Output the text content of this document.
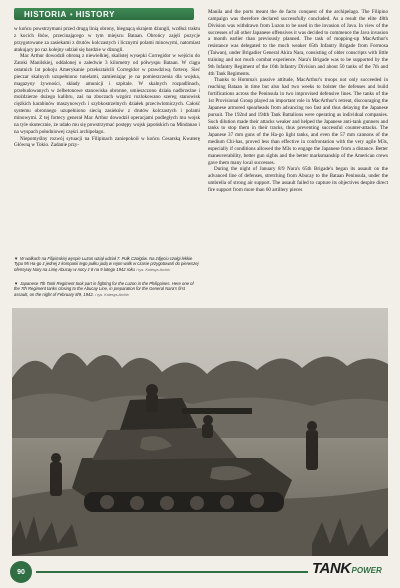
HISTORIA • HISTORY

w końcu powstrzymani przed drugą linią obrony, biegnącą skrajem dżungli, wzdłuż traktu z kocich łbów, przecinającego w tym miejscu Bataan. Obrońcy zajęli pozycje przygotowane za zasiekami z drutów kolczastych i licznymi polami minowymi, natomiast atakujący po raz kolejny udział się bardzie w dżungli.

Mac Arthur dowodził obroną z niewielkiej, skalistej wysepki Corregidor w wejściu do Zatoki Manilskiej, oddalonej o zaledwie 3 kilometry od półwyspu Bataan. W ciągu ostatnich lat pokoju Amerykanie przekształcili Corregidor w prawdziwą fortecę. Sieć pieczar skalnych uzupełniono tunelami, zamieniając je na pomieszczenia dla wojska, magazyny żywności, składy amunicji i szpitale. W skalnych rozpadlinach, przebudowanych w żelbetonowe stanowiska obronne, umieszczono działa nadbrzeżne i moździerze dużego kalibru, zaś na zboczach wzgórz rozlokowano szereg stanowisk ciężkich karabinów maszynowych i szybkostrzelnych działek przeciwlotniczych. Całość systemu obronnego uzupełniono siecią zasieków z drutów kolczastych i polami minowymi. Z tej fortecy generał Mac Arthur dowodził operacjami podległych mu wojsk na tyle skutecznie, że udało mu się powstrzymać postępy wojsk japońskich na Mindanao i na wyspach południowej części archipelagu.

Niepomyślny rozwój sytuacji na Filipinach zaniepokoił w końcu Cesarską Kwaterę Główną w Tokio. Zadanie przy-

Manila and the ports meant the de facto conquest of the archipelago. The Filipino campaign was therefore declared successfully concluded. As a result the elite 48th Division was withdrawn from Luzon to be used in the invasion of Java. In view of the successes of all other Japanese offensives it was decided to commence the Java invasion a month earlier than previously planned. The task of mopping-up MacArthur's resistance was delegated to the much weaker 65th Infantry Brigade from Formosa (Taiwan), under Brigadier General Akira Nara, consisting of older conscripts with little training and not much combat experience. Nara's Brigade was to be supported by the 9th Infantry Regiment of the 16th Infantry Division and about 50 tanks of the 7th and 4th Tank Regiments.

Thanks to Homma's passive attitude, MacArthur's troops not only succeeded in reaching Bataan in time but also had two weeks to bolster the defenses and build fortifications across the Peninsula in two improvised defensive lines. The tanks of the 1st Provisional Group played an important role in MacArthur's retreat, discouraging the Japanese armored spearheads from advancing too fast and thus delaying the Japanese pursuit. The 192nd and 194th Tank Battalions were operating as individual companies. Such dilution made their attacks weaker and helped the Japanese anti-tank gunners and tanks to stop them in their tracks, thus preventing successful counter-attacks. The Japanese 37 mm guns of the Ha-go light tanks, and even the 57 mm cannons of the medium Chi-has, proved less than effective in confrontation with the very agile M3s, especially if conditions allowed the M3s to engage the Japanese from a distance. Better maneuverability, better gun sights and the better marksmanship of the American crews gave them many local successes.

During the night of January 8/9 Nara's 65th Brigade's began its assault on the advanced line of defenses, stretching from Abucay to the Bataan Peninsula, under the umbrella of strong air support. The assault failed to capture its objectives despite direct fire support from more than 60 artillery pieces

▼ W walkach na Filipinskiej wyspie Luzon wziął udział 7. Pułk Czołgów. Na zdjęciu czołgi lekkie Typu 95 Ha-go z jednej z kompanii tego pułku jadą w rejon walk w czasie przygotowań do pierwszej ofensywy Nary na Linię Abucay w nocy z 8 na 9 lutego 1942 roku / rys. Kolesys Archiv
▼ Japanese 7th Tank Regiment took part in fighting for the Luzon in the Philippines. Here one of the 7th Regiment tanks closing to the Abucay Line, in preparation for the General Nara's first assault, on the night of February 8/9, 1942. / rys. Kolesys Archiv
90	TANK POWER
